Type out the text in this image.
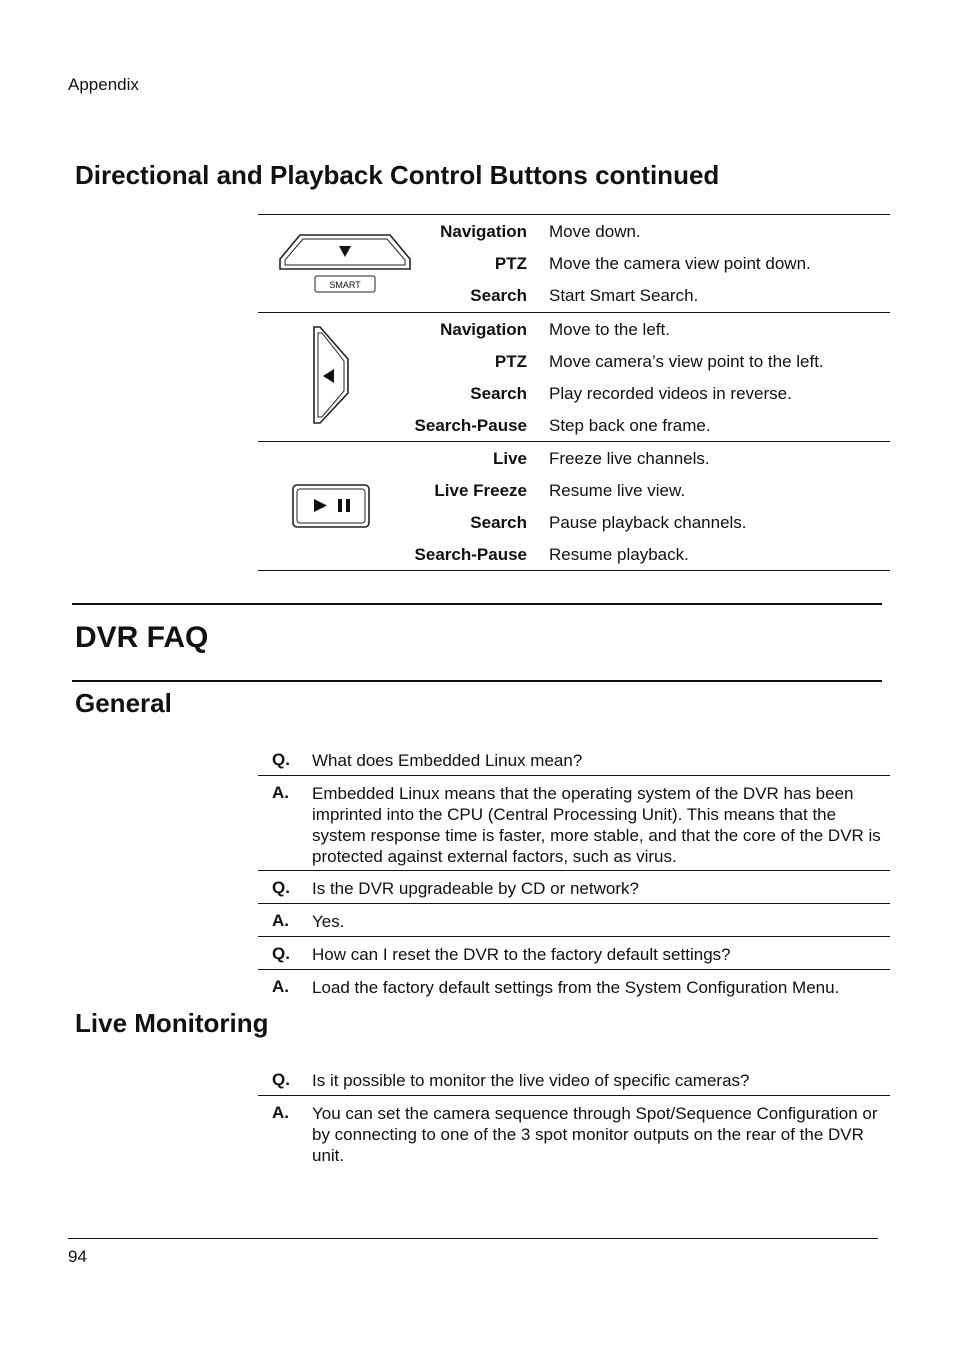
Appendix
Directional and Playback Control Buttons continued
SMART
Navigation Move down.
PTZ Move the camera view point down.
Search Start Smart Search.
Navigation Move to the left.
PTZ Move camera’s view point to the left.
Search Play recorded videos in reverse.
Search-Pause Step back one frame.
Live Freeze live channels.
Live Freeze Resume live view.
Search Pause playback channels.
Search-Pause Resume playback.
DVR FAQ
General
Q. What does Embedded Linux mean?
A. Embedded Linux means that the operating system of the DVR has been imprinted into the CPU (Central Processing Unit). This means that the system response time is faster, more stable, and that the core of the DVR is protected against external factors, such as virus.
Q. Is the DVR upgradeable by CD or network?
A. Yes.
Q. How can I reset the DVR to the factory default settings?
A. Load the factory default settings from the System Configuration Menu.
Live Monitoring
Q. Is it possible to monitor the live video of specific cameras?
A. You can set the camera sequence through Spot/Sequence Configuration or by connecting to one of the 3 spot monitor outputs on the rear of the DVR unit.
94
